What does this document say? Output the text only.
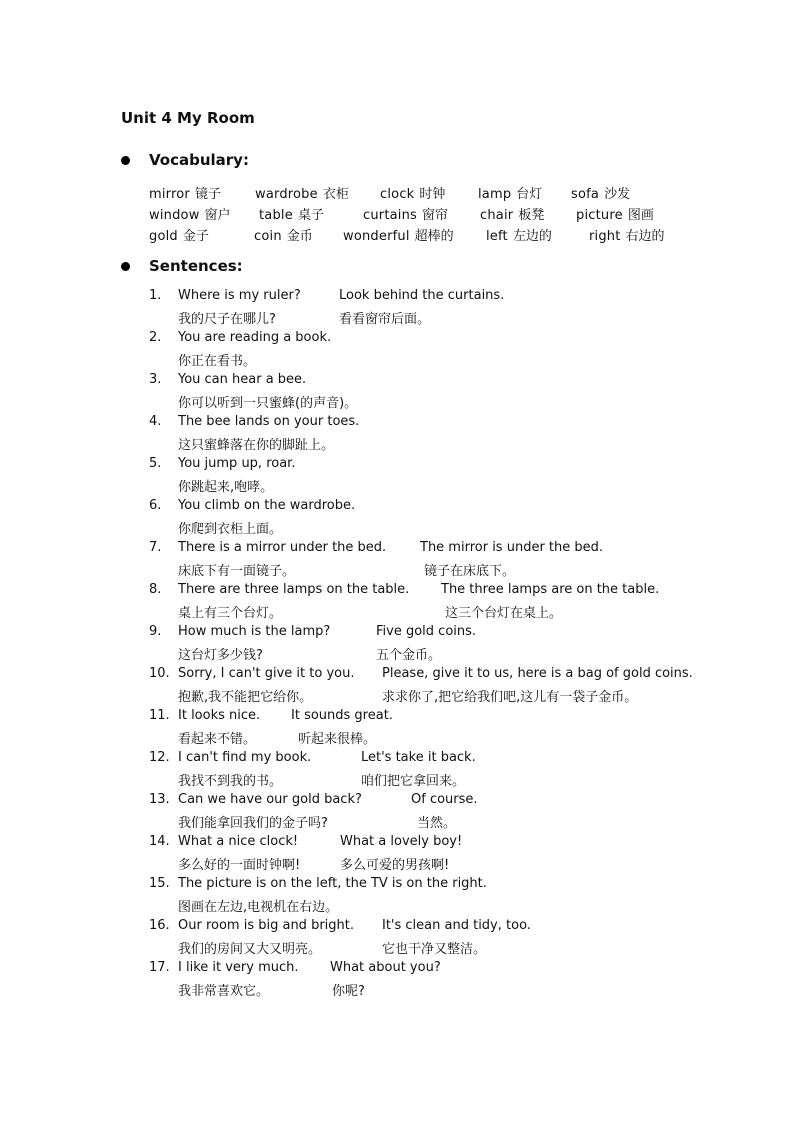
Unit 4 My Room
Vocabulary:
mirror 镜子	wardrobe 衣柜 clock 时钟	lamp 台灯 sofa 沙发
window 窗户 table 桌子	curtains 窗帘 chair 板凳 picture 图画
gold 金子	coin 金币 wonderful 超棒的 left 左边的	right 右边的
Sentences:
1. Where is my ruler?	Look behind the curtains.
我的尺子在哪儿?	看看窗帘后面。
2. You are reading a book.
你正在看书。
3. You can hear a bee.
你可以听到一只蜜蜂(的声音)。
4. The bee lands on your toes.
这只蜜蜂落在你的脚趾上。
5. You jump up, roar.
你跳起来,咆哮。
6. You climb on the wardrobe.
你爬到衣柜上面。
7. There is a mirror under the bed.	The mirror is under the bed.
床底下有一面镜子。	镜子在床底下。
8. There are three lamps on the table. The three lamps are on the table.
桌上有三个台灯。	这三个台灯在桌上。
9. How much is the lamp?	Five gold coins.
这台灯多少钱?	五个金币。
10. Sorry, I can't give it to you. Please, give it to us, here is a bag of gold coins.
抱歉,我不能把它给你。	求求你了,把它给我们吧,这儿有一袋子金币。
11. It looks nice. It sounds great.
看起来不错。	听起来很棒。
12. I can't find my book.	Let's take it back.
我找不到我的书。	咱们把它拿回来。
13. Can we have our gold back?	Of course.
我们能拿回我们的金子吗?	当然。
14. What a nice clock!	What a lovely boy!
多么好的一面时钟啊!	多么可爱的男孩啊!
15. The picture is on the left, the TV is on the right.
图画在左边,电视机在右边。
16. Our room is big and bright. It's clean and tidy, too.
我们的房间又大又明亮。	它也干净又整洁。
17. I like it very much. What about you?
我非常喜欢它。	你呢?
